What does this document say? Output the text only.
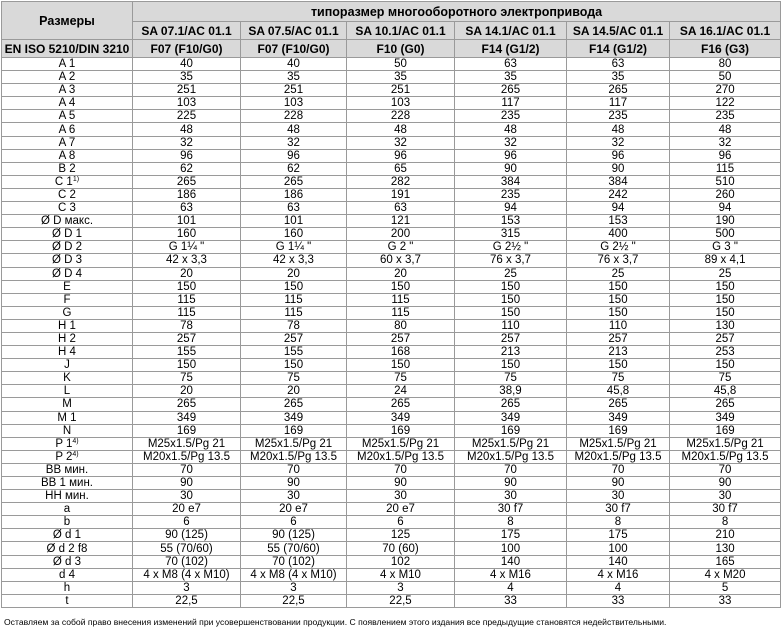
Размеры	типоразмер многооборотного электропривода					
	SA 07.1/AC 01.1	SA 07.5/AC 01.1	SA 10.1/AC 01.1	SA 14.1/AC 01.1	SA 14.5/AC 01.1	SA 16.1/AC 01.1
EN ISO 5210/DIN 3210	F07 (F10/G0)	F07 (F10/G0)	F10 (G0)	F14 (G1/2)	F14 (G1/2)	F16 (G3)
A 1	40	40	50	63	63	80
A 2	35	35	35	35	35	50
A 3	251	251	251	265	265	270
A 4	103	103	103	117	117	122
A 5	225	228	228	235	235	235
A 6	48	48	48	48	48	48
A 7	32	32	32	32	32	32
A 8	96	96	96	96	96	96
B 2	62	62	65	90	90	115
C 1$^{1)}$	265	265	282	384	384	510
C 2	186	186	191	235	242	260
C 3	63	63	63	94	94	94
Ø D макс.	101	101	121	153	153	190
Ø D 1	160	160	200	315	400	500
Ø D 2	G 1¼ "	G 1¼ "	G 2 "	G 2½ "	G 2½ "	G 3 "
Ø D 3	42 x 3,3	42 x 3,3	60 x 3,7	76 x 3,7	76 x 3,7	89 x 4,1
Ø D 4	20	20	20	25	25	25
E	150	150	150	150	150	150
F	115	115	115	150	150	150
G	115	115	115	150	150	150
H 1	78	78	80	110	110	130
H 2	257	257	257	257	257	257
H 4	155	155	168	213	213	253
J	150	150	150	150	150	150
K	75	75	75	75	75	75
L	20	20	24	38,9	45,8	45,8
M	265	265	265	265	265	265
M 1	349	349	349	349	349	349
N	169	169	169	169	169	169
P 1$^{4)}$	M25x1.5/Pg 21	M25x1.5/Pg 21	M25x1.5/Pg 21	M25x1.5/Pg 21	M25x1.5/Pg 21	M25x1.5/Pg 21
P 2$^{4)}$	M20x1.5/Pg 13.5	M20x1.5/Pg 13.5	M20x1.5/Pg 13.5	M20x1.5/Pg 13.5	M20x1.5/Pg 13.5	M20x1.5/Pg 13.5
ВВ мин.	70	70	70	70	70	70
ВВ 1 мин.	90	90	90	90	90	90
НН мин.	30	30	30	30	30	30
a	20 e7	20 e7	20 e7	30 f7	30 f7	30 f7
b	6	6	6	8	8	8
Ø d 1	90 (125)	90 (125)	125	175	175	210
Ø d 2 f8	55 (70/60)	55 (70/60)	70 (60)	100	100	130
Ø d 3	70 (102)	70 (102)	102	140	140	165
d 4	4 x M8 (4 x M10)	4 x M8 (4 x M10)	4 x M10	4 x M16	4 x M16	4 x M20
h	3	3	3	4	4	5
t	22,5	22,5	22,5	33	33	33
Оставляем за собой право внесения изменений при усовершенствовании продукции. С появлением этого издания все предыдущие становятся недействительными.
